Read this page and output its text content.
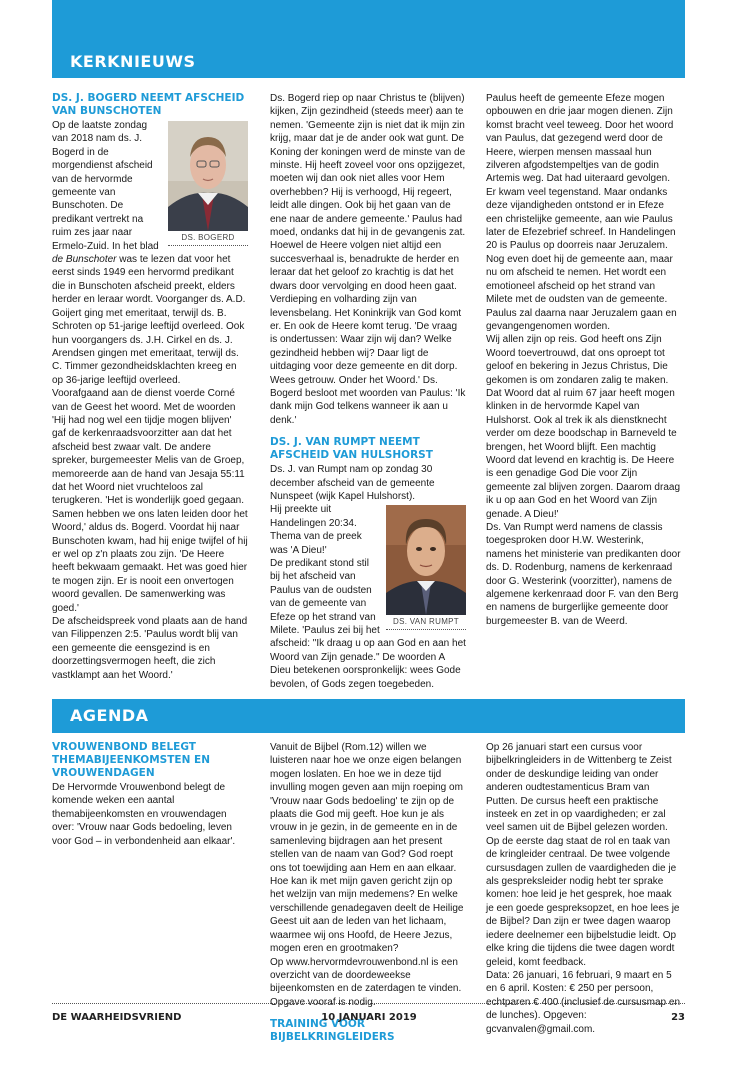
KERKNIEUWS

DS. J. BOGERD NEEMT AFSCHEID VAN BUNSCHOTEN

DS. BOGERD
Op de laatste zondag van 2018 nam ds. J. Bogerd in de morgendienst afscheid van de hervormde gemeente van Bunschoten. De predikant vertrekt na ruim zes jaar naar Ermelo-Zuid. In het blad de Bunschoter was te lezen dat voor het eerst sinds 1949 een hervormd predikant die in Bunschoten afscheid preekt, elders herder en leraar wordt. Voorganger ds. A.D. Goijert ging met emeritaat, terwijl ds. B. Schroten op 51-jarige leeftijd overleed. Ook hun voorgangers ds. J.H. Cirkel en ds. J. Arendsen gingen met emeritaat, terwijl ds. C. Timmer gezondheidsklachten kreeg en op 36-jarige leeftijd overleed.

Voorafgaand aan de dienst voerde Corné van de Geest het woord. Met de woorden 'Hij had nog wel een tijdje mogen blijven' gaf de kerkenraadsvoorzitter aan dat het afscheid best zwaar valt. De andere spreker, burgemeester Melis van de Groep, memoreerde aan de hand van Jesaja 55:11 dat het Woord niet vruchteloos zal terugkeren. 'Het is wonderlijk goed gegaan. Samen hebben we ons laten leiden door het Woord,' aldus ds. Bogerd. Voordat hij naar Bunschoten kwam, had hij enige twijfel of hij er wel op z'n plaats zou zijn. 'De Heere heeft bekwaam gemaakt. Het was goed hier te mogen zijn. Er is nooit een onvertogen woord gevallen. De samenwerking was goed.'

De afscheidspreek vond plaats aan de hand van Filippenzen 2:5. 'Paulus wordt blij van een gemeente die eensgezind is en doorzettingsvermogen heeft, die zich vastklampt aan het Woord.'

Ds. Bogerd riep op naar Christus te (blijven) kijken, Zijn gezindheid (steeds meer) aan te nemen. 'Gemeente zijn is niet dat ik mijn zin krijg, maar dat je de ander ook wat gunt. De Koning der koningen werd de minste van de minste. Hij heeft zoveel voor ons opzijgezet, moeten wij dan ook niet alles voor Hem overhebben? Hij is verhoogd, Hij regeert, leidt alle dingen. Ook bij het gaan van de ene naar de andere gemeente.' Paulus had moed, ondanks dat hij in de gevangenis zat. Hoewel de Heere volgen niet altijd een succesverhaal is, benadrukte de herder en leraar dat het geloof zo krachtig is dat het dwars door vervolging en dood heen gaat. Verdieping en volharding zijn van levensbelang. Het Koninkrijk van God komt er. En ook de Heere komt terug. 'De vraag is ondertussen: Waar zijn wij dan? Welke gezindheid hebben wij? Daar ligt de uitdaging voor deze gemeente en dit dorp. Wees getrouw. Onder het Woord.' Ds. Bogerd besloot met woorden van Paulus: 'Ik dank mijn God telkens wanneer ik aan u denk.'

DS. J. VAN RUMPT NEEMT AFSCHEID VAN HULSHORST

Ds. J. van Rumpt nam op zondag 30 december afscheid van de gemeente Nunspeet (wijk Kapel Hulshorst).

DS. VAN RUMPT
Hij preekte uit Handelingen 20:34. Thema van de preek was 'A Dieu!'

De predikant stond stil bij het afscheid van Paulus van de oudsten van de gemeente van Efeze op het strand van Milete. 'Paulus zei bij het afscheid: "Ik draag u op aan God en aan het Woord van Zijn genade." De woorden A Dieu betekenen oorspronkelijk: wees Gode bevolen, of Gods zegen toegebeden.

Paulus heeft de gemeente Efeze mogen opbouwen en drie jaar mogen dienen. Zijn komst bracht veel teweeg. Door het woord van Paulus, dat gezegend werd door de Heere, wierpen mensen massaal hun zilveren afgodstempeltjes van de godin Artemis weg. Dat had uiteraard gevolgen. Er kwam veel tegenstand. Maar ondanks deze vijandigheden ontstond er in Efeze een christelijke gemeente, aan wie Paulus later de Efezebrief schreef. In Handelingen 20 is Paulus op doorreis naar Jeruzalem. Nog even doet hij de gemeente aan, maar nu om afscheid te nemen. Het wordt een emotioneel afscheid op het strand van Milete met de oudsten van de gemeente. Paulus zal daarna naar Jeruzalem gaan en gevangengenomen worden.

Wij allen zijn op reis. God heeft ons Zijn Woord toevertrouwd, dat ons oproept tot geloof en bekering in Jezus Christus, Die gekomen is om zondaren zalig te maken. Dat Woord dat al ruim 67 jaar heeft mogen klinken in de hervormde Kapel van Hulshorst. Ook al trek ik als dienstknecht verder om deze boodschap in Barneveld te brengen, het Woord blijft. Een machtig Woord dat levend en krachtig is. De Heere is een genadige God Die voor Zijn gemeente zal blijven zorgen. Daarom draag ik u op aan God en het Woord van Zijn genade. A Dieu!'

Ds. Van Rumpt werd namens de classis toegesproken door H.W. Westerink, namens het ministerie van predikanten door ds. D. Rodenburg, namens de kerkenraad door G. Westerink (voorzitter), namens de algemene kerkenraad door F. van den Berg en namens de burgerlijke gemeente door burgemeester B. van de Weerd.

AGENDA

VROUWENBOND BELEGT THEMABIJEENKOMSTEN EN VROUWENDAGEN

De Hervormde Vrouwenbond belegt de komende weken een aantal themabijeenkomsten en vrouwendagen over: 'Vrouw naar Gods bedoeling, leven voor God – in verbondenheid aan elkaar'.

Vanuit de Bijbel (Rom.12) willen we luisteren naar hoe we onze eigen belangen mogen loslaten. En hoe we in deze tijd invulling mogen geven aan mijn roeping om 'Vrouw naar Gods bedoeling' te zijn op de plaats die God mij geeft. Hoe kun je als vrouw in je gezin, in de gemeente en in de samenleving bijdragen aan het present stellen van de naam van God? God roept ons tot toewijding aan Hem en aan elkaar. Hoe kan ik met mijn gaven gericht zijn op het welzijn van mijn medemens? En welke verschillende genadegaven deelt de Heilige Geest uit aan de leden van het lichaam, waarmee wij ons Hoofd, de Heere Jezus, mogen eren en grootmaken?

Op www.hervormdevrouwenbond.nl is een overzicht van de doordeweekse bijeenkomsten en de zaterdagen te vinden. Opgave vooraf is nodig.

TRAINING VOOR BIJBELKRINGLEIDERS

Op 26 januari start een cursus voor bijbelkringleiders in de Wittenberg te Zeist onder de deskundige leiding van onder anderen oudtestamenticus Bram van Putten. De cursus heeft een praktische insteek en zet in op vaardigheden; er zal veel samen uit de Bijbel gelezen worden.

Op de eerste dag staat de rol en taak van de kringleider centraal. De twee volgende cursusdagen zullen de vaardigheden die je als gespreksleider nodig hebt ter sprake komen: hoe leid je het gesprek, hoe maak je een goede gespreksopzet, en hoe lees je de Bijbel? Dan zijn er twee dagen waarop iedere deelnemer een bijbelstudie leidt. Op elke kring die tijdens die twee dagen wordt geleid, komt feedback.

Data: 26 januari, 16 februari, 9 maart en 5 en 6 april. Kosten: € 250 per persoon, echtparen € 400 (inclusief de cursusmap en de lunches). Opgeven: gcvanvalen@gmail.com.

DE WAARHEIDSVRIEND	10 JANUARI 2019	23
